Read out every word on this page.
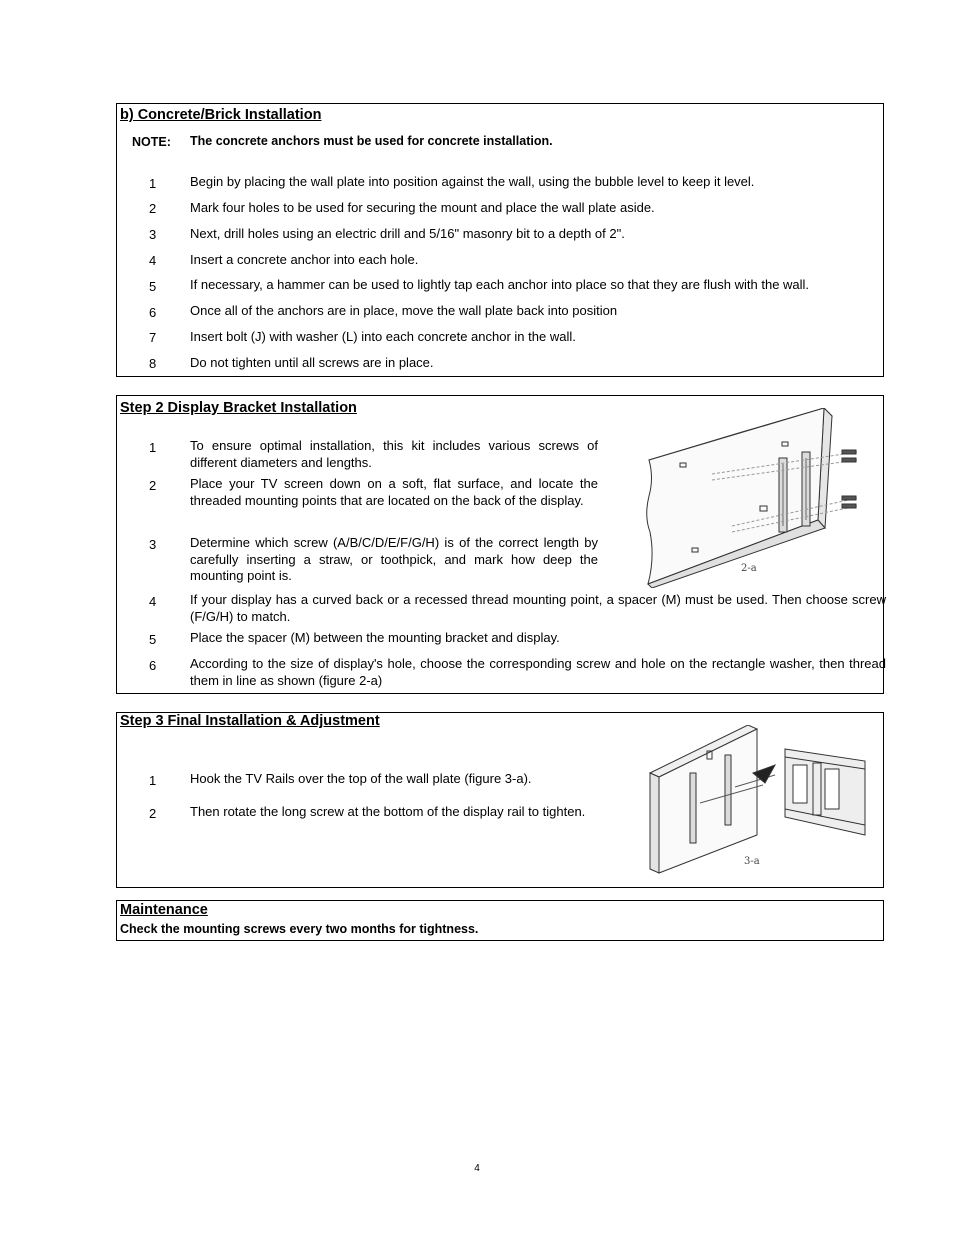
b) Concrete/Brick Installation
NOTE: The concrete anchors must be used for concrete installation.
1	Begin by placing the wall plate into position against the wall, using the bubble level to keep it level.
2	Mark four holes to be used for securing the mount and place the wall plate aside.
3	Next, drill holes using an electric drill and 5/16" masonry bit to a depth of 2".
4	Insert a concrete anchor into each hole.
5	If necessary, a hammer can be used to lightly tap each anchor into place so that they are flush with the wall.
6	Once all of the anchors are in place, move the wall plate back into position
7	Insert bolt (J) with washer (L) into each concrete anchor in the wall.
8	Do not tighten until all screws are in place.
Step 2 Display Bracket Installation
1	To ensure optimal installation, this kit includes various screws of different diameters and lengths.
2	Place your TV screen down on a soft, flat surface, and locate the threaded mounting points that are located on the back of the display.
3	Determine which screw (A/B/C/D/E/F/G/H) is of the correct length by carefully inserting a straw, or toothpick, and mark how deep the mounting point is.
4	If your display has a curved back or a recessed thread mounting point, a spacer (M) must be used. Then choose screw (F/G/H) to match.
5	Place the spacer (M) between the mounting bracket and display.
6	According to the size of display's hole, choose the corresponding screw and hole on the rectangle washer, then thread them in line as shown (figure 2-a)
2-a
Step 3 Final Installation & Adjustment
1	Hook the TV Rails over the top of the wall plate (figure 3-a).
2	Then rotate the long screw at the bottom of the display rail to tighten.
3-a
Maintenance
Check the mounting screws every two months for tightness.
4
